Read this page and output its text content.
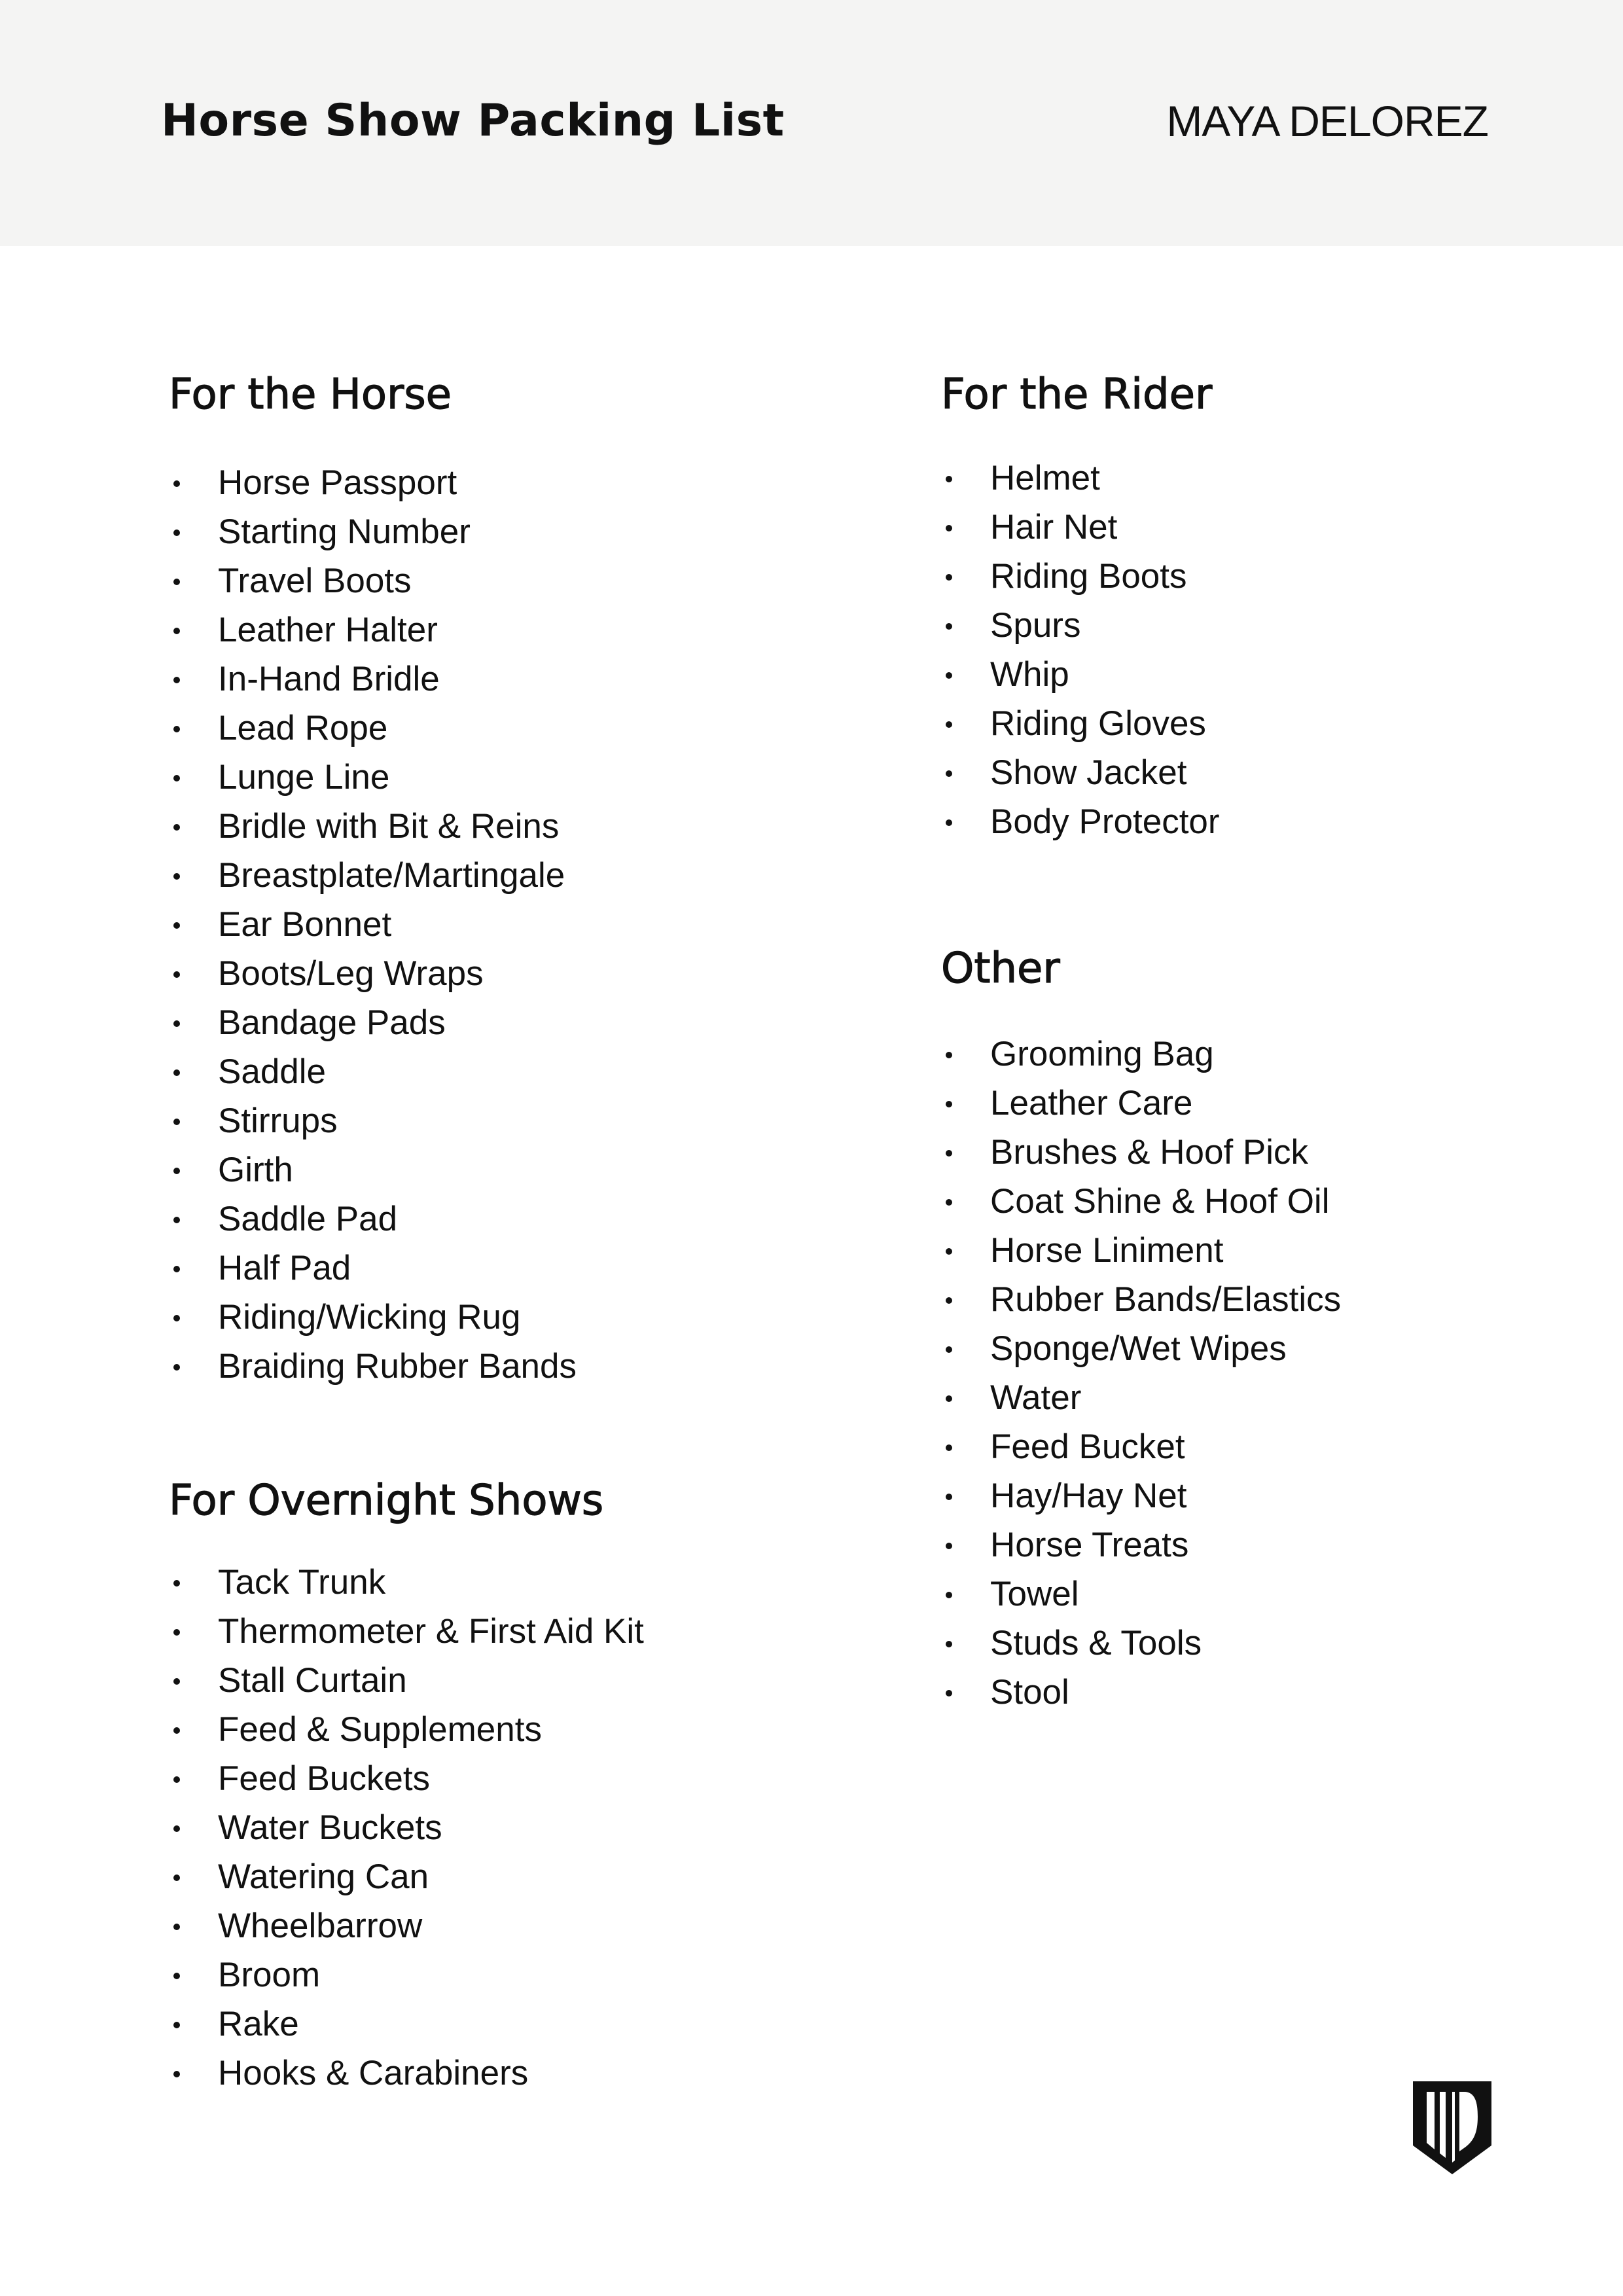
Horse Show Packing List	MAYA DELOREZ
For the Horse
Horse Passport
Starting Number
Travel Boots
Leather Halter
In-Hand Bridle
Lead Rope
Lunge Line
Bridle with Bit & Reins
Breastplate/Martingale
Ear Bonnet
Boots/Leg Wraps
Bandage Pads
Saddle
Stirrups
Girth
Saddle Pad
Half Pad
Riding/Wicking Rug
Braiding Rubber Bands
For Overnight Shows
Tack Trunk
Thermometer & First Aid Kit
Stall Curtain
Feed & Supplements
Feed Buckets
Water Buckets
Watering Can
Wheelbarrow
Broom
Rake
Hooks & Carabiners
For the Rider
Helmet
Hair Net
Riding Boots
Spurs
Whip
Riding Gloves
Show Jacket
Body Protector
Other
Grooming Bag
Leather Care
Brushes & Hoof Pick
Coat Shine & Hoof Oil
Horse Liniment
Rubber Bands/Elastics
Sponge/Wet Wipes
Water
Feed Bucket
Hay/Hay Net
Horse Treats
Towel
Studs & Tools
Stool
